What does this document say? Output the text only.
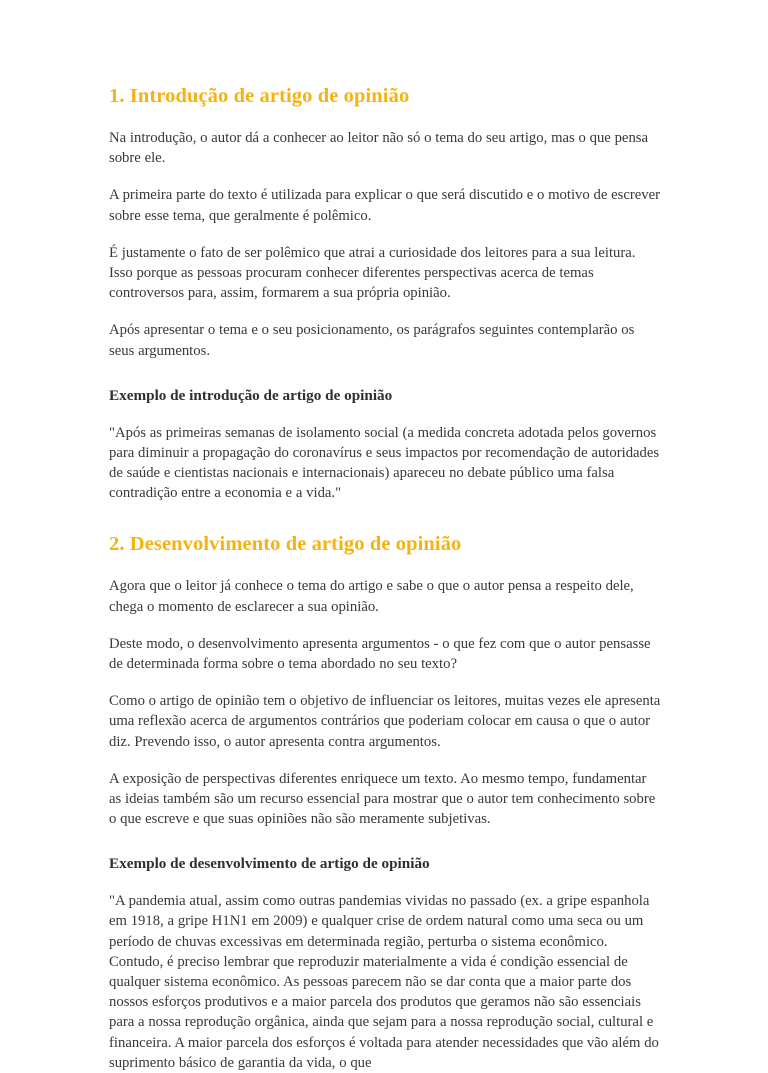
1. Introdução de artigo de opinião

Na introdução, o autor dá a conhecer ao leitor não só o tema do seu artigo, mas o que pensa sobre ele.

A primeira parte do texto é utilizada para explicar o que será discutido e o motivo de escrever sobre esse tema, que geralmente é polêmico.

É justamente o fato de ser polêmico que atrai a curiosidade dos leitores para a sua leitura. Isso porque as pessoas procuram conhecer diferentes perspectivas acerca de temas controversos para, assim, formarem a sua própria opinião.

Após apresentar o tema e o seu posicionamento, os parágrafos seguintes contemplarão os seus argumentos.

Exemplo de introdução de artigo de opinião

"Após as primeiras semanas de isolamento social (a medida concreta adotada pelos governos para diminuir a propagação do coronavírus e seus impactos por recomendação de autoridades de saúde e cientistas nacionais e internacionais) apareceu no debate público uma falsa contradição entre a economia e a vida."

2. Desenvolvimento de artigo de opinião

Agora que o leitor já conhece o tema do artigo e sabe o que o autor pensa a respeito dele, chega o momento de esclarecer a sua opinião.

Deste modo, o desenvolvimento apresenta argumentos - o que fez com que o autor pensasse de determinada forma sobre o tema abordado no seu texto?

Como o artigo de opinião tem o objetivo de influenciar os leitores, muitas vezes ele apresenta uma reflexão acerca de argumentos contrários que poderiam colocar em causa o que o autor diz. Prevendo isso, o autor apresenta contra argumentos.

A exposição de perspectivas diferentes enriquece um texto. Ao mesmo tempo, fundamentar as ideias também são um recurso essencial para mostrar que o autor tem conhecimento sobre o que escreve e que suas opiniões não são meramente subjetivas.

Exemplo de desenvolvimento de artigo de opinião

"A pandemia atual, assim como outras pandemias vividas no passado (ex. a gripe espanhola em 1918, a gripe H1N1 em 2009) e qualquer crise de ordem natural como uma seca ou um período de chuvas excessivas em determinada região, perturba o sistema econômico. Contudo, é preciso lembrar que reproduzir materialmente a vida é condição essencial de qualquer sistema econômico. As pessoas parecem não se dar conta que a maior parte dos nossos esforços produtivos e a maior parcela dos produtos que geramos não são essenciais para a nossa reprodução orgânica, ainda que sejam para a nossa reprodução social, cultural e financeira. A maior parcela dos esforços é voltada para atender necessidades que vão além do suprimento básico de garantia da vida, o que
